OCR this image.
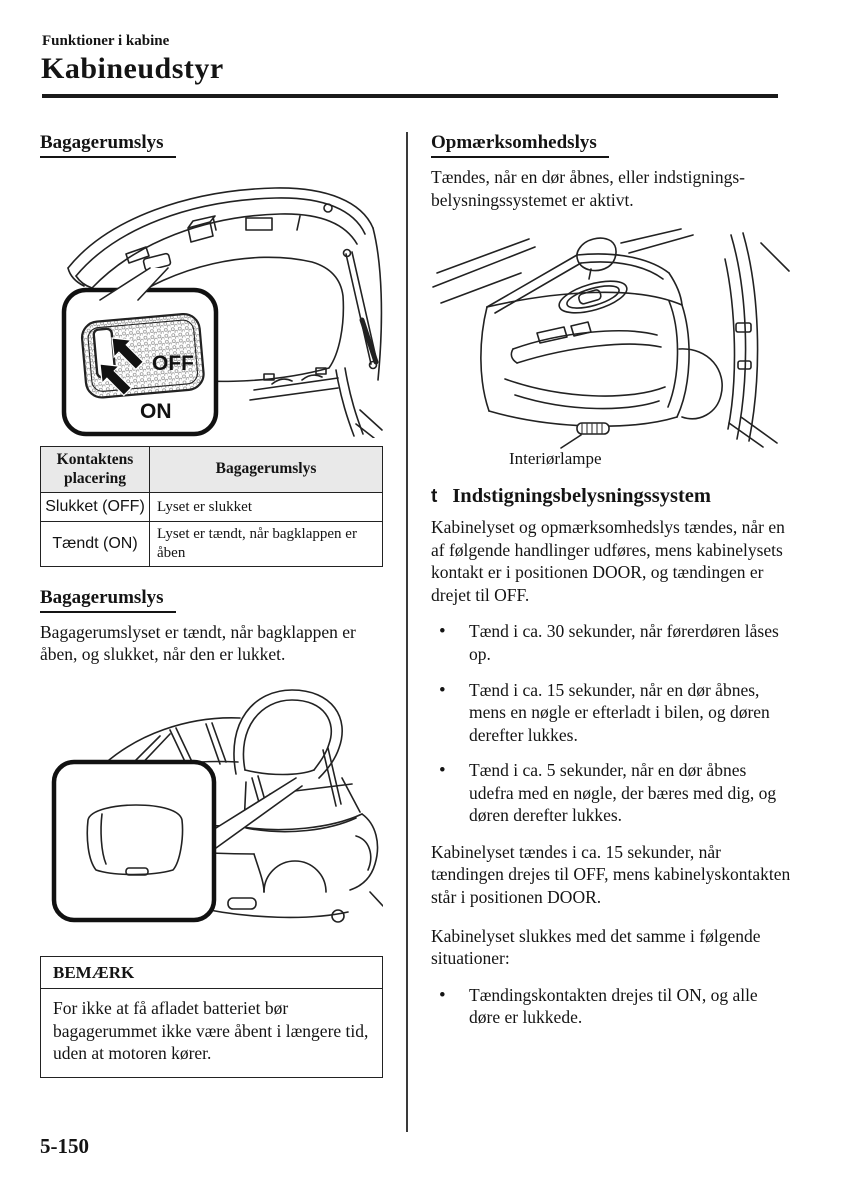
Funktioner i kabine
Kabineudstyr
Bagagerumslys
OFF
ON
Kontaktens placering	Bagagerumslys
Slukket (OFF)	Lyset er slukket
Tændt (ON)	Lyset er tændt, når bagklappen er åben
Bagagerumslys

Bagagerumslyset er tændt, når bagklappen er åben, og slukket, når den er lukket.

BEMÆRK
For ikke at få afladet batteriet bør bagagerummet ikke være åbent i længere tid, uden at motoren kører.
Opmærksomhedslys

Tændes, når en dør åbnes, eller indstignings-belysningssystemet er aktivt.

Interiørlampe
t Indstigningsbelysningssystem

Kabinelyset og opmærksomhedslys tændes, når en af følgende handlinger udføres, mens kabinelysets kontakt er i positionen DOOR, og tændingen er drejet til OFF.

•	Tænd i ca. 30 sekunder, når førerdøren låses op.
•	Tænd i ca. 15 sekunder, når en dør åbnes, mens en nøgle er efterladt i bilen, og døren derefter lukkes.
•	Tænd i ca. 5 sekunder, når en dør åbnes udefra med en nøgle, der bæres med dig, og døren derefter lukkes.

Kabinelyset tændes i ca. 15 sekunder, når tændingen drejes til OFF, mens kabinelyskontakten står i positionen DOOR.

Kabinelyset slukkes med det samme i følgende situationer:

•	Tændingskontakten drejes til ON, og alle døre er lukkede.
5-150
